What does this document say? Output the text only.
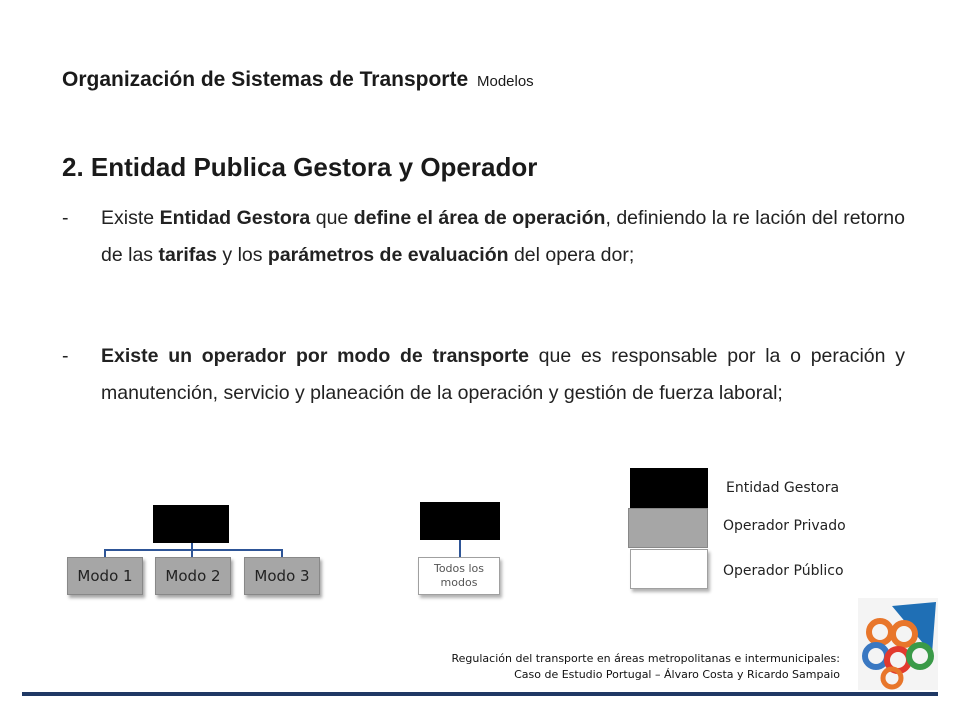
Organización de Sistemas de Transporte Modelos
2. Entidad Publica Gestora y Operador
- Existe Entidad Gestora que define el área de operación, definiendo la re lación del retorno de las tarifas y los parámetros de evaluación del opera dor;
- Existe un operador por modo de transporte que es responsable por la o peración y manutención, servicio y planeación de la operación y gestión de fuerza laboral;
Modo 1	Modo 2	Modo 3	Todos los modos
Entidad Gestora
Operador Privado
Operador Público
Regulación del transporte en áreas metropolitanas e intermunicipales:
Caso de Estudio Portugal – Álvaro Costa y Ricardo Sampaio
